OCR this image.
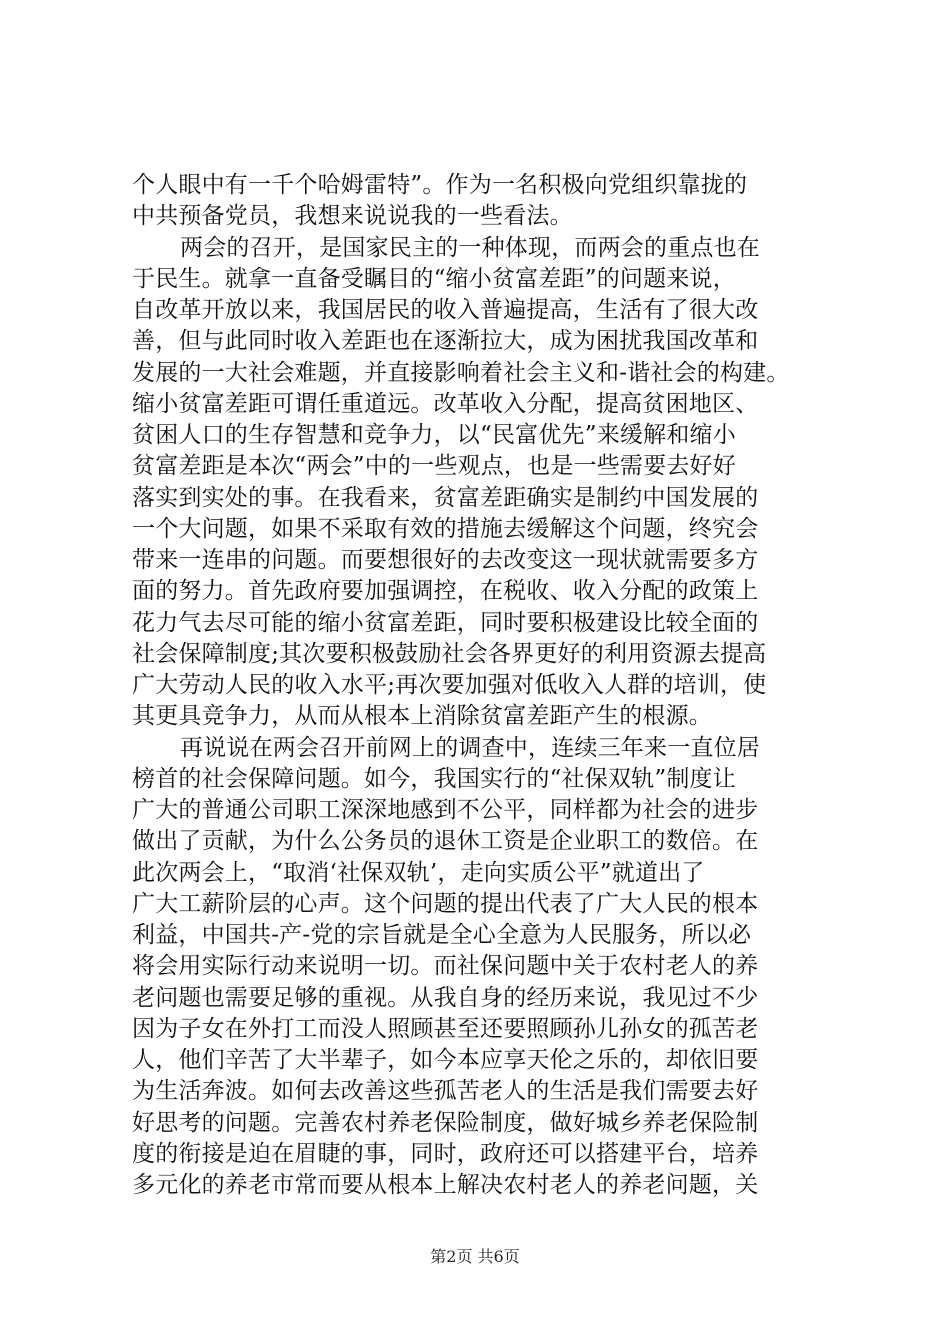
个人眼中有一千个哈姆雷特”。作为一名积极向党组织靠拢的
中共预备党员，我想来说说我的一些看法。
两会的召开，是国家民主的一种体现，而两会的重点也在
于民生。就拿一直备受瞩目的“缩小贫富差距”的问题来说，
自改革开放以来，我国居民的收入普遍提高，生活有了很大改
善，但与此同时收入差距也在逐渐拉大，成为困扰我国改革和
发展的一大社会难题，并直接影响着社会主义和-谐社会的构建。
缩小贫富差距可谓任重道远。改革收入分配，提高贫困地区、
贫困人口的生存智慧和竞争力，以“民富优先”来缓解和缩小
贫富差距是本次“两会”中的一些观点，也是一些需要去好好
落实到实处的事。在我看来，贫富差距确实是制约中国发展的
一个大问题，如果不采取有效的措施去缓解这个问题，终究会
带来一连串的问题。而要想很好的去改变这一现状就需要多方
面的努力。首先政府要加强调控，在税收、收入分配的政策上
花力气去尽可能的缩小贫富差距，同时要积极建设比较全面的
社会保障制度;其次要积极鼓励社会各界更好的利用资源去提高
广大劳动人民的收入水平;再次要加强对低收入人群的培训，使
其更具竞争力，从而从根本上消除贫富差距产生的根源。
再说说在两会召开前网上的调查中，连续三年来一直位居
榜首的社会保障问题。如今，我国实行的“社保双轨”制度让
广大的普通公司职工深深地感到不公平，同样都为社会的进步
做出了贡献，为什么公务员的退休工资是企业职工的数倍。在
此次两会上，“取消‘社保双轨’，走向实质公平”就道出了
广大工薪阶层的心声。这个问题的提出代表了广大人民的根本
利益，中国共-产-党的宗旨就是全心全意为人民服务，所以必
将会用实际行动来说明一切。而社保问题中关于农村老人的养
老问题也需要足够的重视。从我自身的经历来说，我见过不少
因为子女在外打工而没人照顾甚至还要照顾孙儿孙女的孤苦老
人，他们辛苦了大半辈子，如今本应享天伦之乐的，却依旧要
为生活奔波。如何去改善这些孤苦老人的生活是我们需要去好
好思考的问题。完善农村养老保险制度，做好城乡养老保险制
度的衔接是迫在眉睫的事，同时，政府还可以搭建平台，培养
多元化的养老市常而要从根本上解决农村老人的养老问题，关
第2页 共6页
